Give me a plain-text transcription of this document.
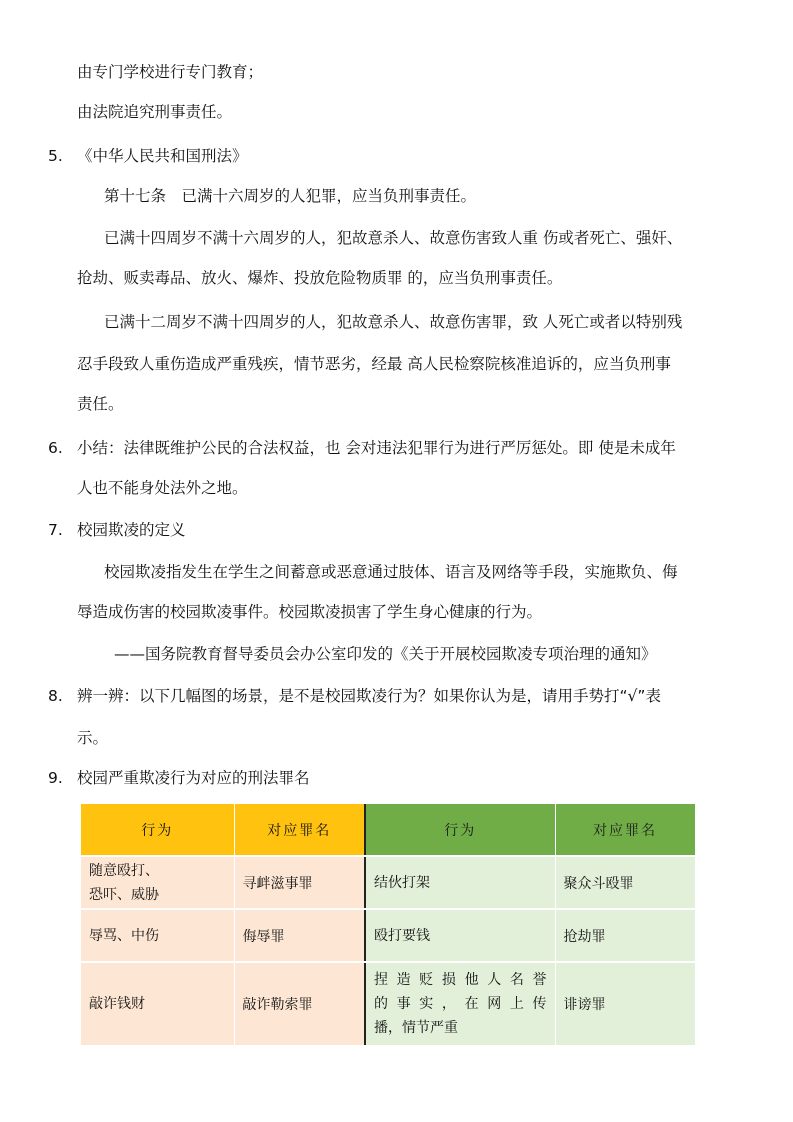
由专门学校进行专门教育；
由法院追究刑事责任。
5. 《中华人民共和国刑法》
第十七条　已满十六周岁的人犯罪，应当负刑事责任。
已满十四周岁不满十六周岁的人，犯故意杀人、故意伤害致人重 伤或者死亡、强奸、
抢劫、贩卖毒品、放火、爆炸、投放危险物质罪 的，应当负刑事责任。
已满十二周岁不满十四周岁的人，犯故意杀人、故意伤害罪，致 人死亡或者以特别残
忍手段致人重伤造成严重残疾，情节恶劣，经最 高人民检察院核准追诉的，应当负刑事
责任。
6. 小结：法律既维护公民的合法权益，也 会对违法犯罪行为进行严厉惩处。即 使是未成年
人也不能身处法外之地。
7. 校园欺凌的定义
校园欺凌指发生在学生之间蓄意或恶意通过肢体、语言及网络等手段，实施欺负、侮
辱造成伤害的校园欺凌事件。校园欺凌损害了学生身心健康的行为。
——国务院教育督导委员会办公室印发的《关于开展校园欺凌专项治理的通知》
8. 辨一辨：以下几幅图的场景，是不是校园欺凌行为？如果你认为是，请用手势打“√”表
示。
9. 校园严重欺凌行为对应的刑法罪名
行为	对应罪名	行为	对应罪名

随意殴打、
恐吓、威胁	寻衅滋事罪	结伙打架	聚众斗殴罪

辱骂、中伤	侮辱罪	殴打要钱	抢劫罪

敲诈钱财	敲诈勒索罪	捏造贬损他人名誉
的事实，在网上传
播，情节严重	诽谤罪
